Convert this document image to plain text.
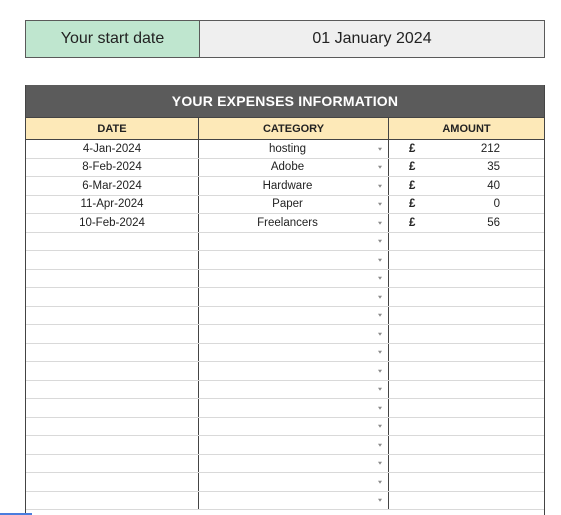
Your start date	01 January 2024
YOUR EXPENSES INFORMATION
DATE	CATEGORY	AMOUNT
4-Jan-2024	hosting	£	212
8-Feb-2024	Adobe	£	35
6-Mar-2024	Hardware	£	40
11-Apr-2024	Paper	£	0
10-Feb-2024	Freelancers	£	56
